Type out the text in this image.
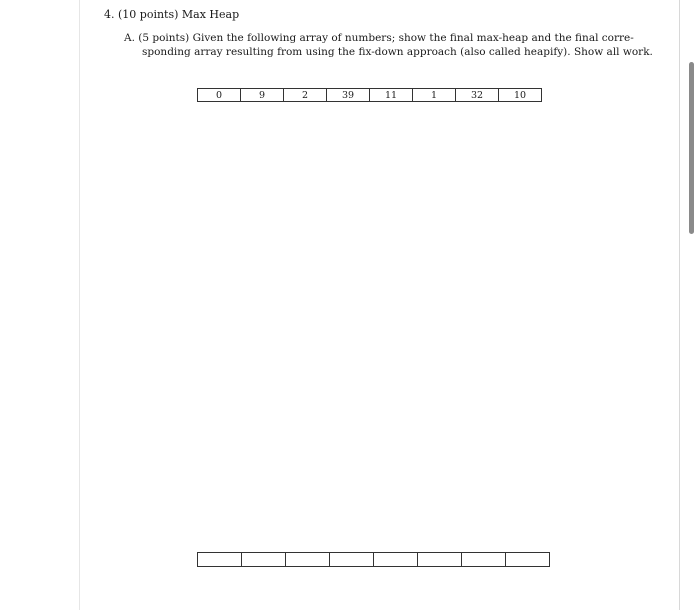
4. (10 points) Max Heap
A. (5 points) Given the following array of numbers; show the final max-heap and the final corre-
sponding array resulting from using the fix-down approach (also called heapify). Show all work.
0	9	2	39	11	1	32	10
